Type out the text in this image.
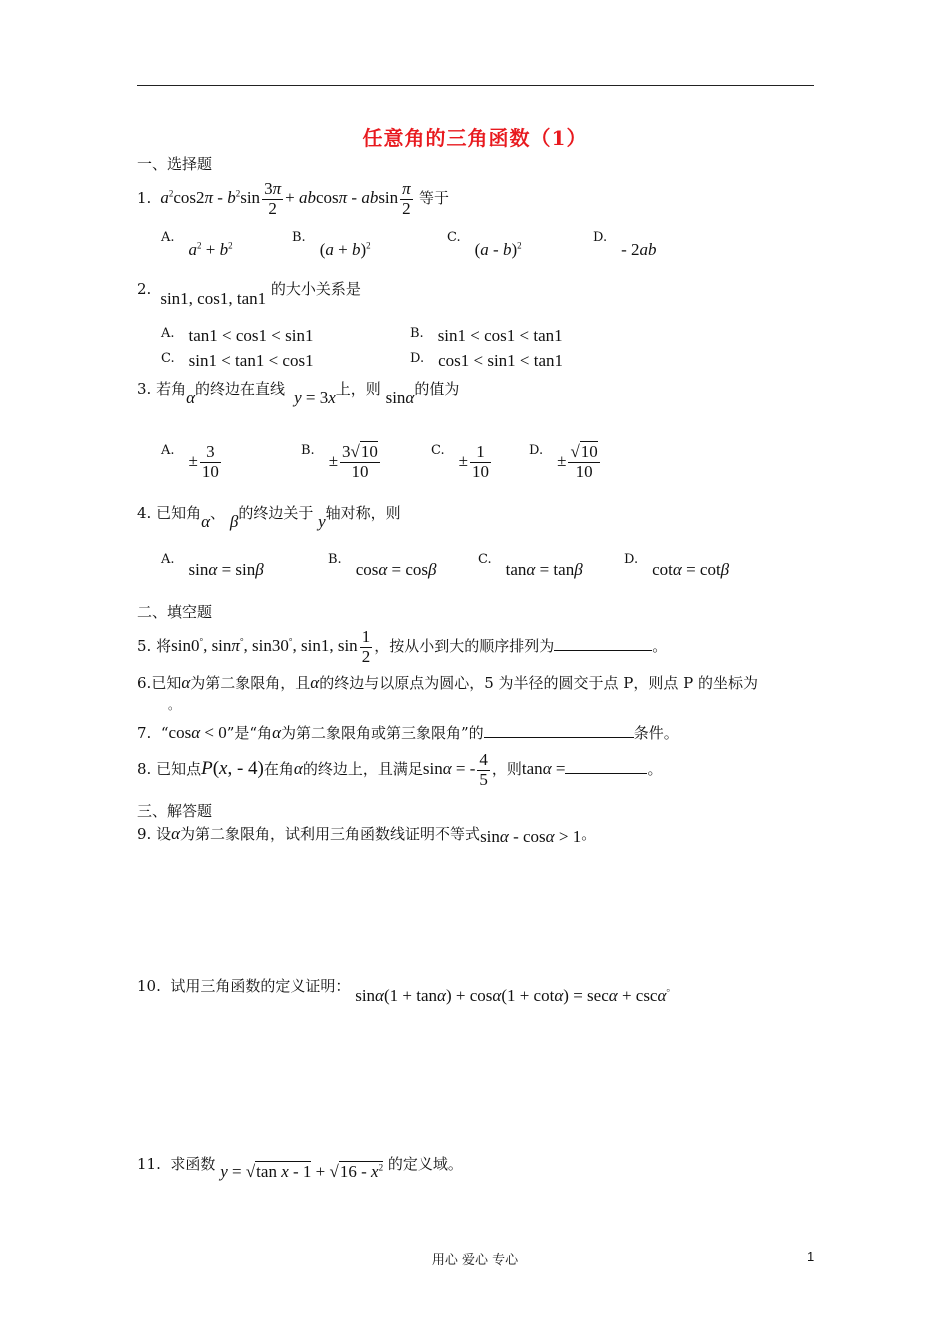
任意角的三角函数（1）
一、选择题
1. $a^2\cos 2\pi - b^2\sin \frac{3\pi}{2} + abcos\pi - absin \frac{\pi}{2}$ 等于
$A.a^2 + b^2$
$B.(a + b)^2$
C.(a - b)$^2$
D.- 2ab
2.  sin1, cos1, tan1 的大小关系是
A. tan1 < cos1 < sin1	B. sin1 < cos1 < tan1
C. sin1 < tan1 < cos1	D. cos1 < sin1 < tan1
3. 若角α的终边在直线 y = 3x上，则 sinα的值为
$A.\pm \frac{3}{10}$	$B.\pm \frac{3√10}{10}$	$C.\pm \frac{1}{10}$	$D.\pm \frac{√10}{10}$
4. 已知角α、 β的终边关于 y轴对称，则
A.sinα = sinβ
B.cosα = cosβ
C.tanα = tanβ
D.cotα = cotβ
二、填空题
5. 将sin0°, sinπ°, sin30°, sin1, $\sin \frac{1}{2}$ ，按从小到大的顺序排列为	。
6.已知α为第二象限角，且α的终边与以原点为圆心，5 为半径的圆交于点 P，则点 P 的坐标为
。
7. “cosα < 0”是“角α为第二象限角或第三象限角”的	条件。
8. 已知点P(x, - 4)在角α的终边上，且满足sinα = - $\frac{4}{5}$ ，则tanα =	。
三、解答题
9. 设α为第二象限角，试利用三角函数线证明不等式sinα - cosα > 1。
10. 试用三角函数的定义证明： sinα(1 + tanα) + cosα(1 + cotα) = secα + cscα。
11. 求函数 y = √tan $x - 1 + √16 - x^2$ 的定义域。
用心 爱心 专心	1
